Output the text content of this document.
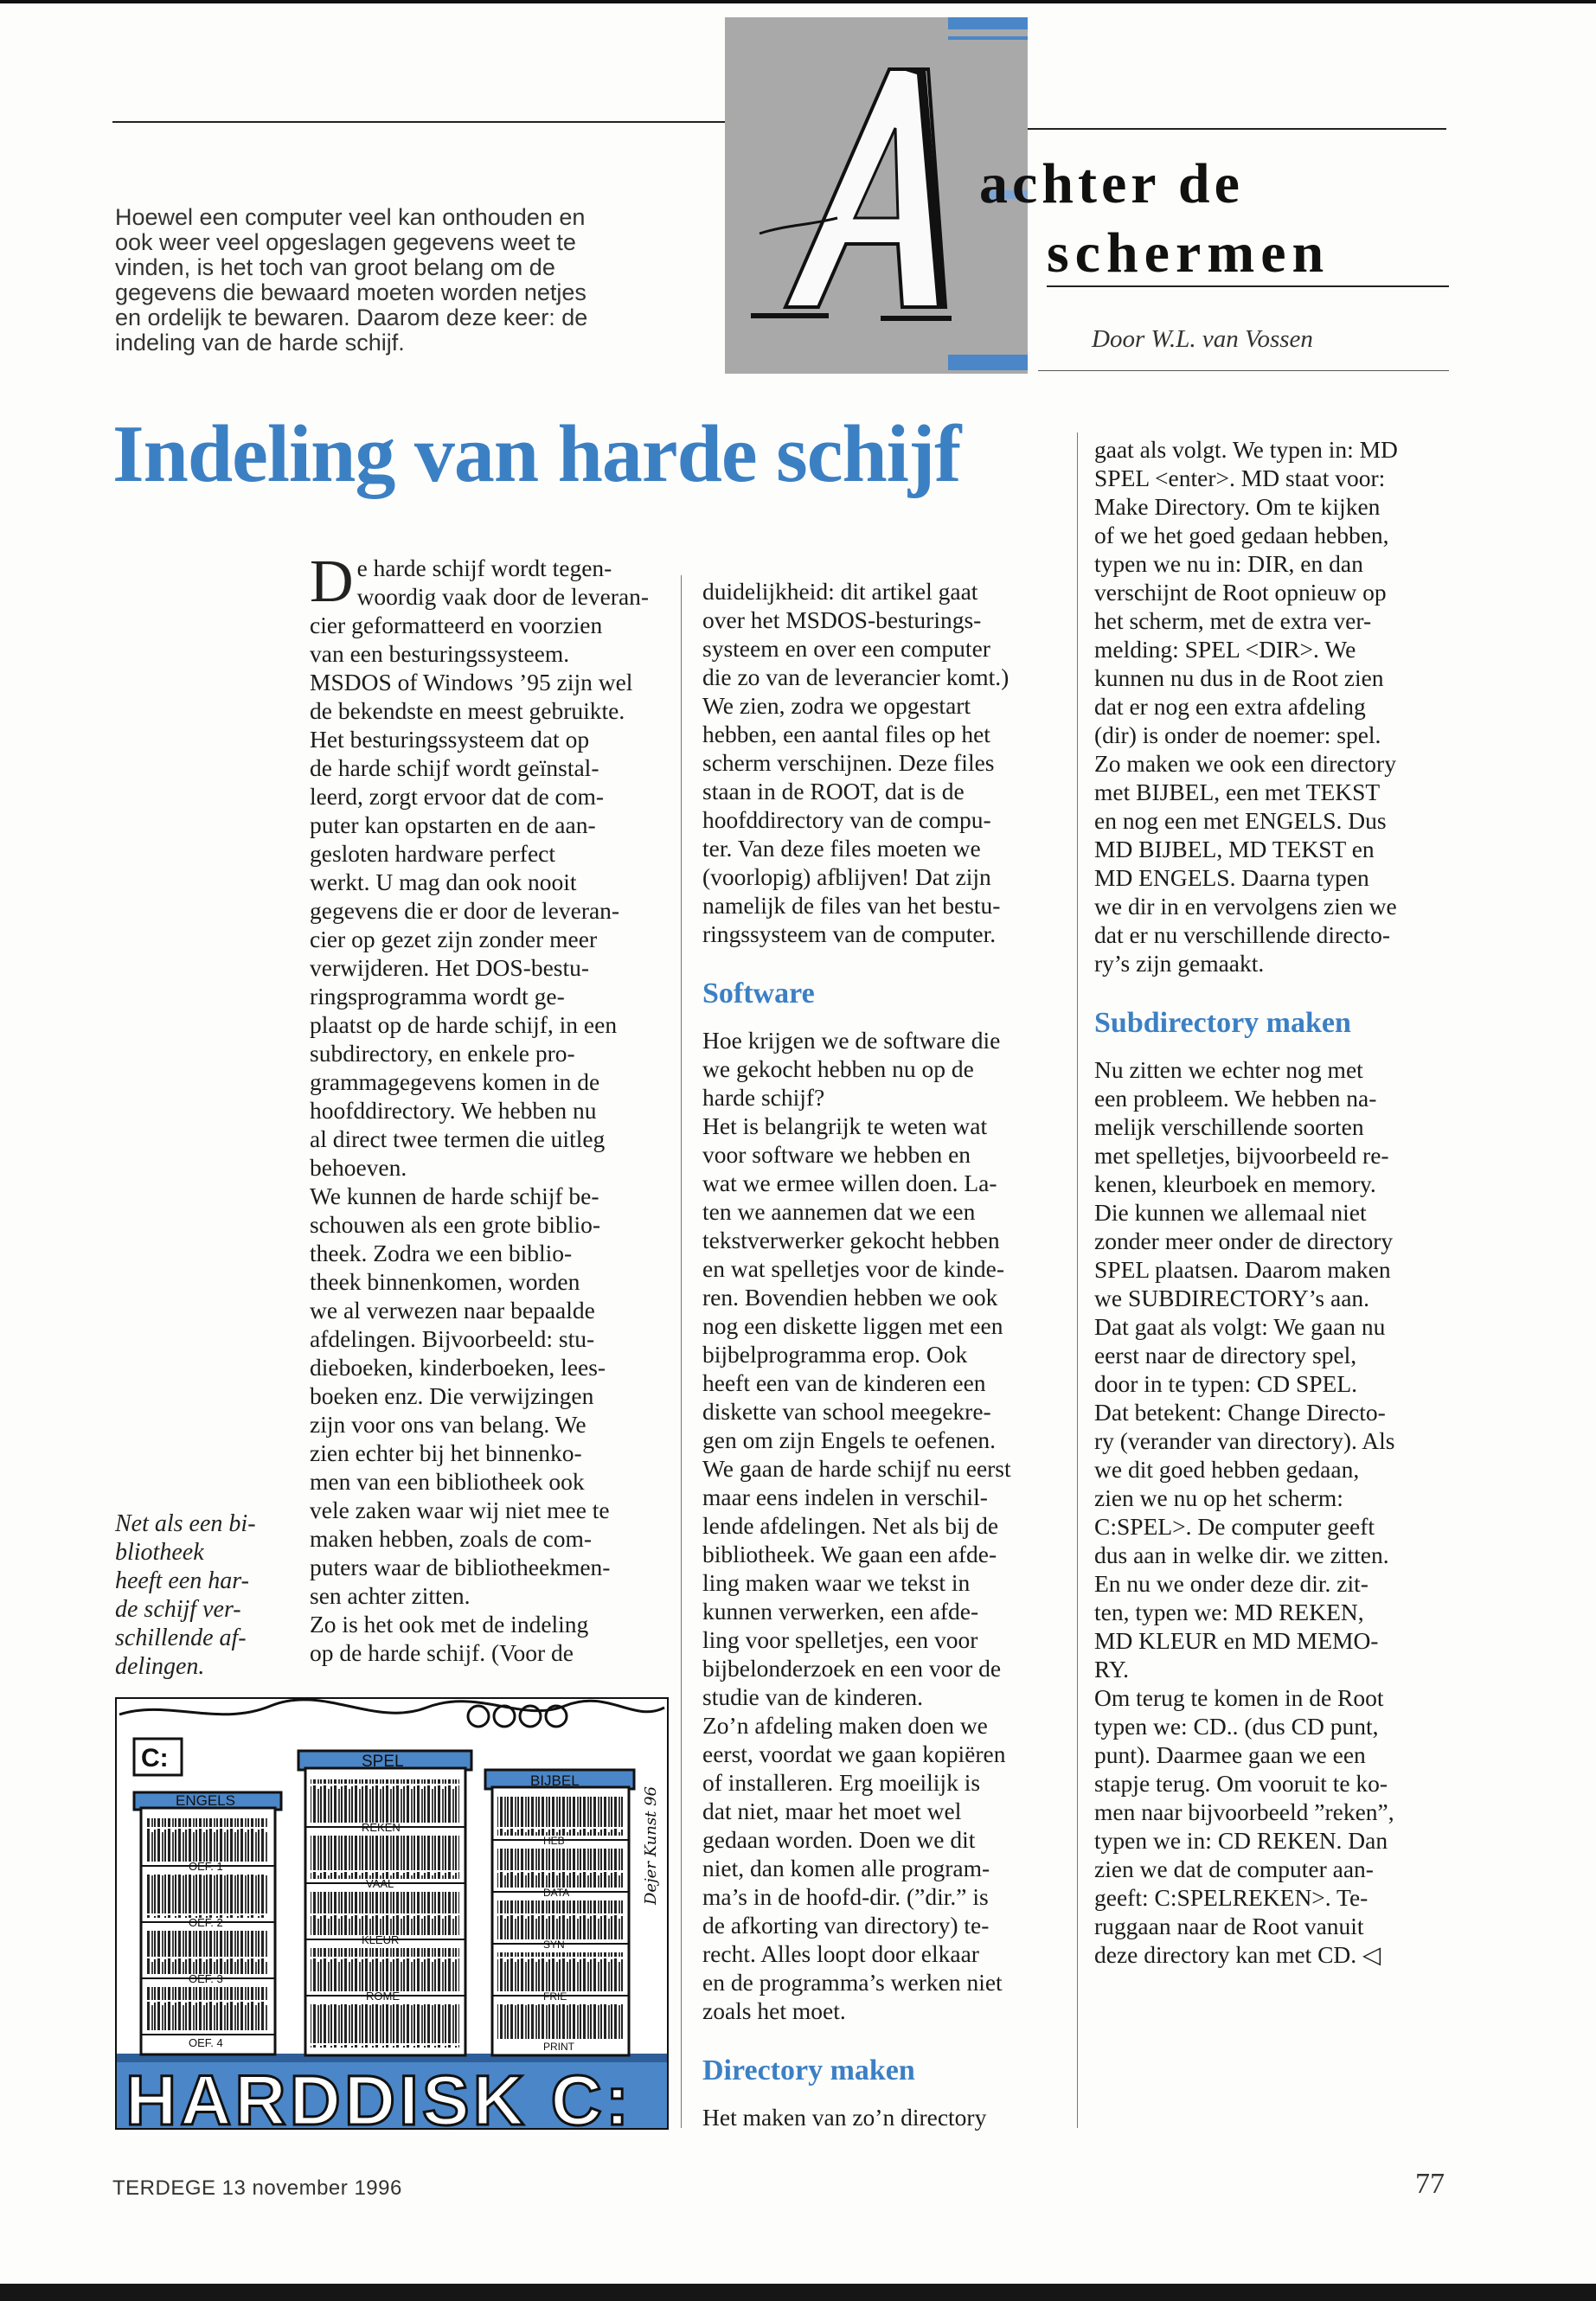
Hoewel een computer veel kan onthouden en
ook weer veel opgeslagen gegevens weet te
vinden, is het toch van groot belang om de
gegevens die bewaard moeten worden netjes
en ordelijk te bewaren. Daarom deze keer: de
indeling van de harde schijf.
achter de
schermen
Door W.L. van Vossen
Indeling van harde schijf
Net als een bi-
bliotheek
heeft een har-
de schijf ver-
schillende af-
delingen.

De harde schijf wordt tegen-
woordig vaak door de leveran-
cier geformatteerd en voorzien
van een besturingssysteem.
MSDOS of Windows ’95 zijn wel
de bekendste en meest gebruikte.
Het besturingssysteem dat op
de harde schijf wordt geïnstal-
leerd, zorgt ervoor dat de com-
puter kan opstarten en de aan-
gesloten hardware perfect
werkt. U mag dan ook nooit
gegevens die er door de leveran-
cier op gezet zijn zonder meer
verwijderen. Het DOS-bestu-
ringsprogramma wordt ge-
plaatst op de harde schijf, in een
subdirectory, en enkele pro-
grammagegevens komen in de
hoofddirectory. We hebben nu
al direct twee termen die uitleg
behoeven.
We kunnen de harde schijf be-
schouwen als een grote biblio-
theek. Zodra we een biblio-
theek binnenkomen, worden
we al verwezen naar bepaalde
afdelingen. Bijvoorbeeld: stu-
dieboeken, kinderboeken, lees-
boeken enz. Die verwijzingen
zijn voor ons van belang. We
zien echter bij het binnenko-
men van een bibliotheek ook
vele zaken waar wij niet mee te
maken hebben, zoals de com-
puters waar de bibliotheekmen-
sen achter zitten.
Zo is het ook met de indeling
op de harde schijf. (Voor de

duidelijkheid: dit artikel gaat
over het MSDOS-besturings-
systeem en over een computer
die zo van de leverancier komt.)
We zien, zodra we opgestart
hebben, een aantal files op het
scherm verschijnen. Deze files
staan in de ROOT, dat is de
hoofddirectory van de compu-
ter. Van deze files moeten we
(voorlopig) afblijven! Dat zijn
namelijk de files van het bestu-
ringssysteem van de computer.

Software

Hoe krijgen we de software die
we gekocht hebben nu op de
harde schijf?
Het is belangrijk te weten wat
voor software we hebben en
wat we ermee willen doen. La-
ten we aannemen dat we een
tekstverwerker gekocht hebben
en wat spelletjes voor de kinde-
ren. Bovendien hebben we ook
nog een diskette liggen met een
bijbelprogramma erop. Ook
heeft een van de kinderen een
diskette van school meegekre-
gen om zijn Engels te oefenen.
We gaan de harde schijf nu eerst
maar eens indelen in verschil-
lende afdelingen. Net als bij de
bibliotheek. We gaan een afde-
ling maken waar we tekst in
kunnen verwerken, een afde-
ling voor spelletjes, een voor
bijbelonderzoek en een voor de
studie van de kinderen.
Zo’n afdeling maken doen we
eerst, voordat we gaan kopiëren
of installeren. Erg moeilijk is
dat niet, maar het moet wel
gedaan worden. Doen we dit
niet, dan komen alle program-
ma’s in de hoofd-dir. (”dir.” is
de afkorting van directory) te-
recht. Alles loopt door elkaar
en de programma’s werken niet
zoals het moet.

Directory maken

Het maken van zo’n directory

gaat als volgt. We typen in: MD
SPEL <enter>. MD staat voor:
Make Directory. Om te kijken
of we het goed gedaan hebben,
typen we nu in: DIR, en dan
verschijnt de Root opnieuw op
het scherm, met de extra ver-
melding: SPEL <DIR>. We
kunnen nu dus in de Root zien
dat er nog een extra afdeling
(dir) is onder de noemer: spel.
Zo maken we ook een directory
met BIJBEL, een met TEKST
en nog een met ENGELS. Dus
MD BIJBEL, MD TEKST en
MD ENGELS. Daarna typen
we dir in en vervolgens zien we
dat er nu verschillende directo-
ry’s zijn gemaakt.

Subdirectory maken

Nu zitten we echter nog met
een probleem. We hebben na-
melijk verschillende soorten
met spelletjes, bijvoorbeeld re-
kenen, kleurboek en memory.
Die kunnen we allemaal niet
zonder meer onder de directory
SPEL plaatsen. Daarom maken
we SUBDIRECTORY’s aan.
Dat gaat als volgt: We gaan nu
eerst naar de directory spel,
door in te typen: CD SPEL.
Dat betekent: Change Directo-
ry (verander van directory). Als
we dit goed hebben gedaan,
zien we nu op het scherm:
C:SPEL>. De computer geeft
dus aan in welke dir. we zitten.
En nu we onder deze dir. zit-
ten, typen we: MD REKEN,
MD KLEUR en MD MEMO-
RY.
Om terug te komen in de Root
typen we: CD.. (dus CD punt,
punt). Daarmee gaan we een
stapje terug. Om vooruit te ko-
men naar bijvoorbeeld ”reken”,
typen we in: CD REKEN. Dan
zien we dat de computer aan-
geeft: C:SPELREKEN>. Te-
ruggaan naar de Root vanuit
deze directory kan met CD. ◁

C:
HARDDISK C:
ENGELS
OEF. 1
OEF. 2
OEF. 3
OEF. 4
SPEL
REKEN
VAAL
KLEUR
ROME
BIJBEL
HEB
DATA
SYN
FRIE
PRINT
Dejer Kunst 96
TERDEGE 13 november 1996	77
